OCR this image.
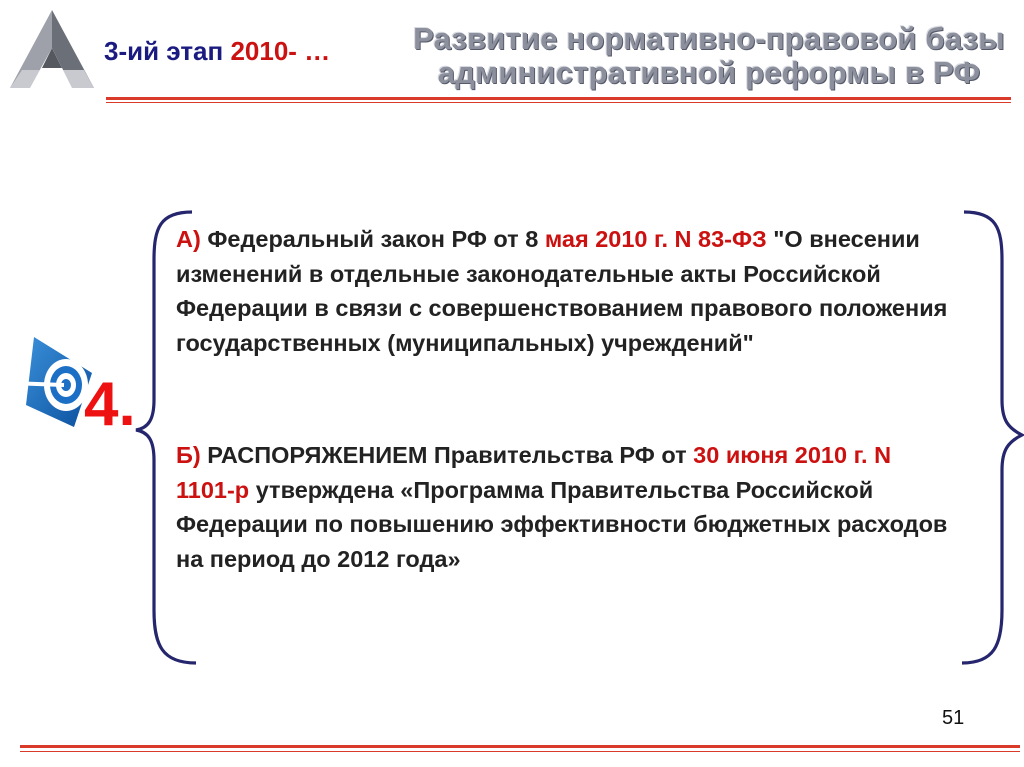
3-ий этап 2010- …	Развитие нормативно-правовой базы
административной реформы в РФ
4.
А) Федеральный закон РФ от 8 мая 2010 г. N 83-ФЗ "О внесении изменений в отдельные законодательные акты Российской Федерации в связи с совершенствованием правового положения государственных (муниципальных) учреждений"
Б) РАСПОРЯЖЕНИЕМ Правительства РФ от 30 июня 2010 г. N 1101-р утверждена «Программа Правительства Российской Федерации по повышению эффективности бюджетных расходов на период до 2012 года»
51
